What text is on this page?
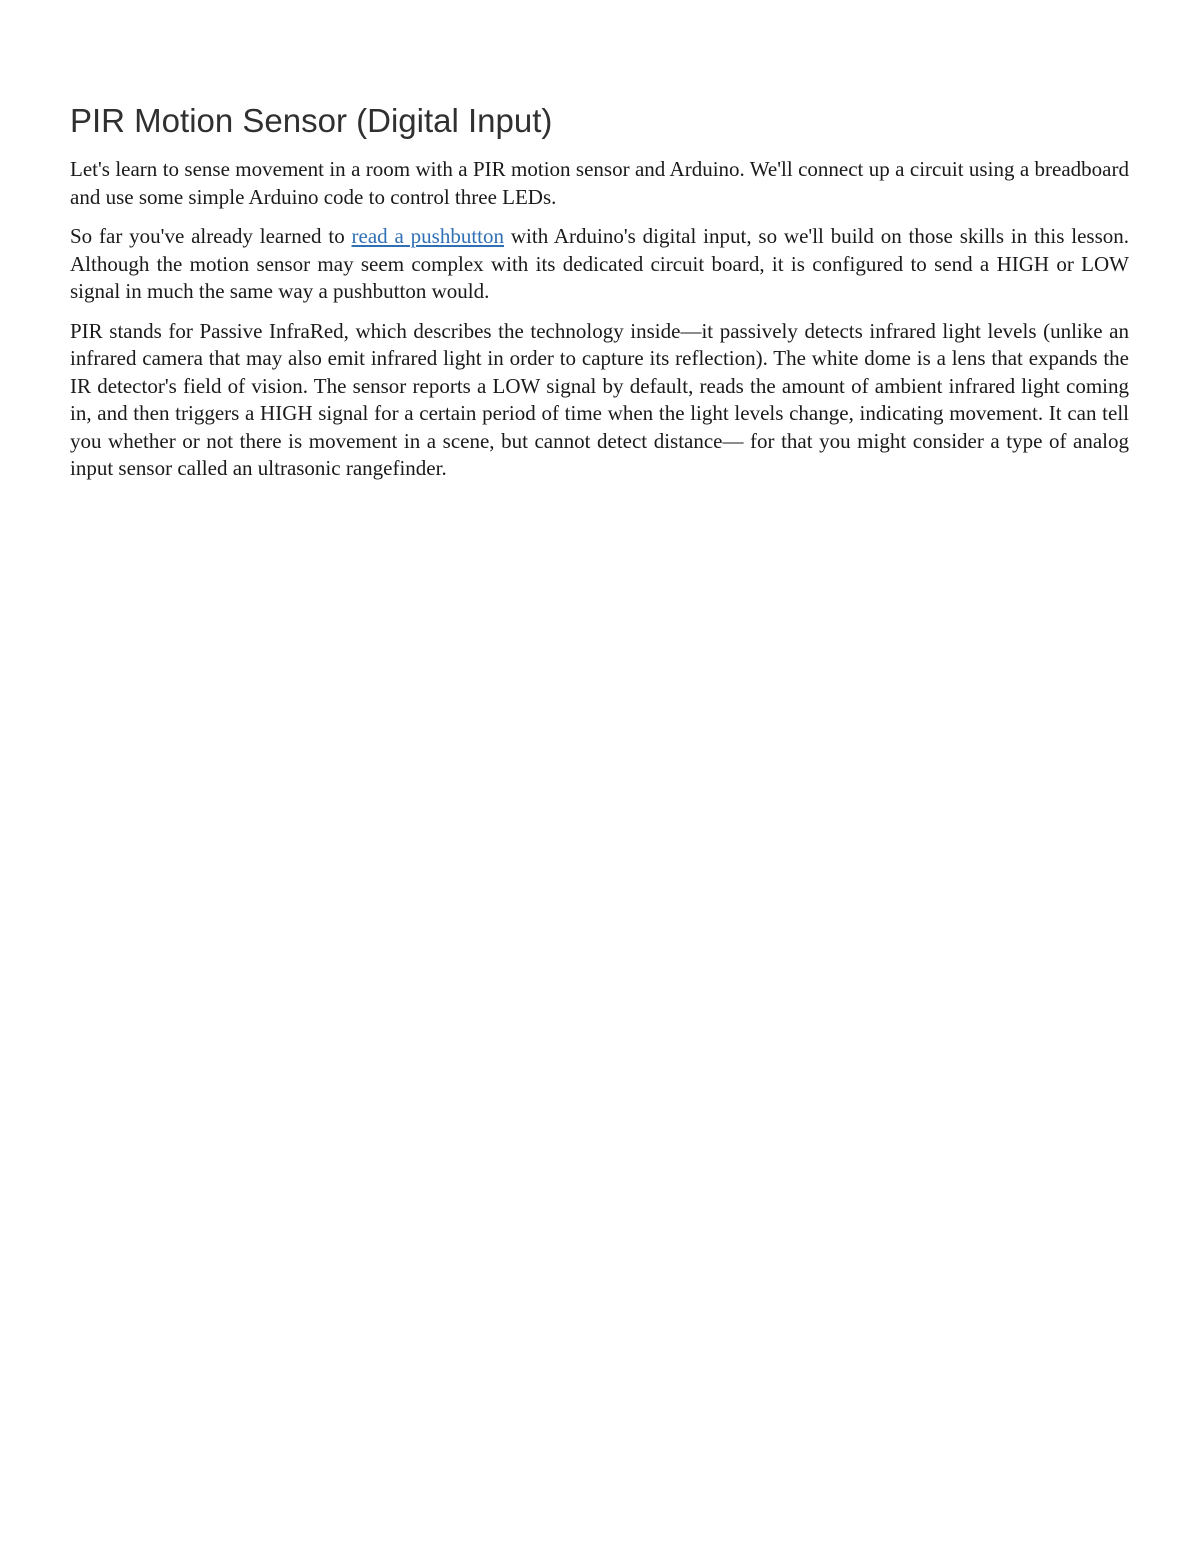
PIR Motion Sensor (Digital Input)

Let's learn to sense movement in a room with a PIR motion sensor and Arduino. We'll connect up a circuit using a breadboard and use some simple Arduino code to control three LEDs.

So far you've already learned to read a pushbutton with Arduino's digital input, so we'll build on those skills in this lesson. Although the motion sensor may seem complex with its dedicated circuit board, it is configured to send a HIGH or LOW signal in much the same way a pushbutton would.

PIR stands for Passive InfraRed, which describes the technology inside—it passively detects infrared light levels (unlike an infrared camera that may also emit infrared light in order to capture its reflection). The white dome is a lens that expands the IR detector's field of vision. The sensor reports a LOW signal by default, reads the amount of ambient infrared light coming in, and then triggers a HIGH signal for a certain period of time when the light levels change, indicating movement. It can tell you whether or not there is movement in a scene, but cannot detect distance— for that you might consider a type of analog input sensor called an ultrasonic rangefinder.
